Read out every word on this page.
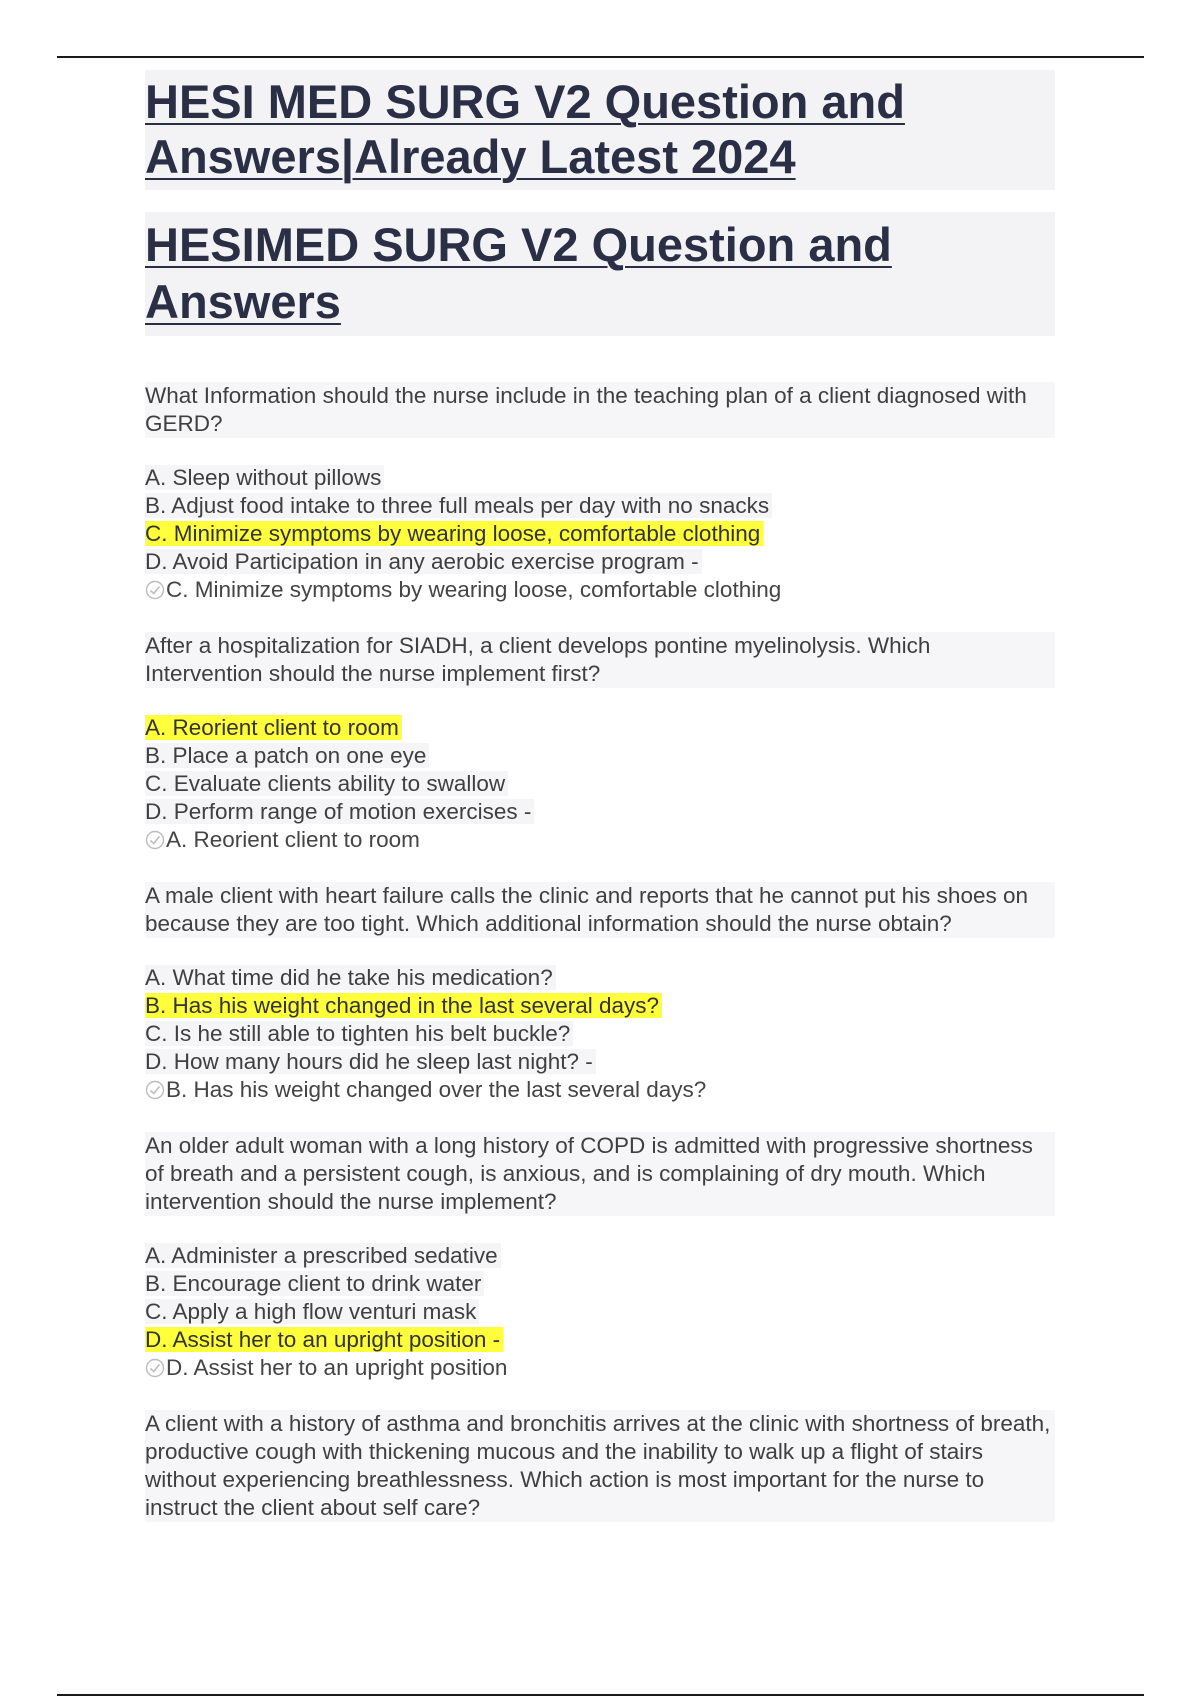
HESI MED SURG V2 Question and Answers|Already Latest 2024
HESIMED SURG V2 Question and Answers

What Information should the nurse include in the teaching plan of a client diagnosed with GERD?

A. Sleep without pillows
B. Adjust food intake to three full meals per day with no snacks
C. Minimize symptoms by wearing loose, comfortable clothing
D. Avoid Participation in any aerobic exercise program -
C. Minimize symptoms by wearing loose, comfortable clothing

After a hospitalization for SIADH, a client develops pontine myelinolysis. Which Intervention should the nurse implement first?

A. Reorient client to room
B. Place a patch on one eye
C. Evaluate clients ability to swallow
D. Perform range of motion exercises -
A. Reorient client to room

A male client with heart failure calls the clinic and reports that he cannot put his shoes on because they are too tight. Which additional information should the nurse obtain?

A. What time did he take his medication?
B. Has his weight changed in the last several days?
C. Is he still able to tighten his belt buckle?
D. How many hours did he sleep last night? -
B. Has his weight changed over the last several days?

An older adult woman with a long history of COPD is admitted with progressive shortness of breath and a persistent cough, is anxious, and is complaining of dry mouth. Which intervention should the nurse implement?

A. Administer a prescribed sedative
B. Encourage client to drink water
C. Apply a high flow venturi mask
D. Assist her to an upright position -
D. Assist her to an upright position

A client with a history of asthma and bronchitis arrives at the clinic with shortness of breath, productive cough with thickening mucous and the inability to walk up a flight of stairs without experiencing breathlessness. Which action is most important for the nurse to instruct the client about self care?
